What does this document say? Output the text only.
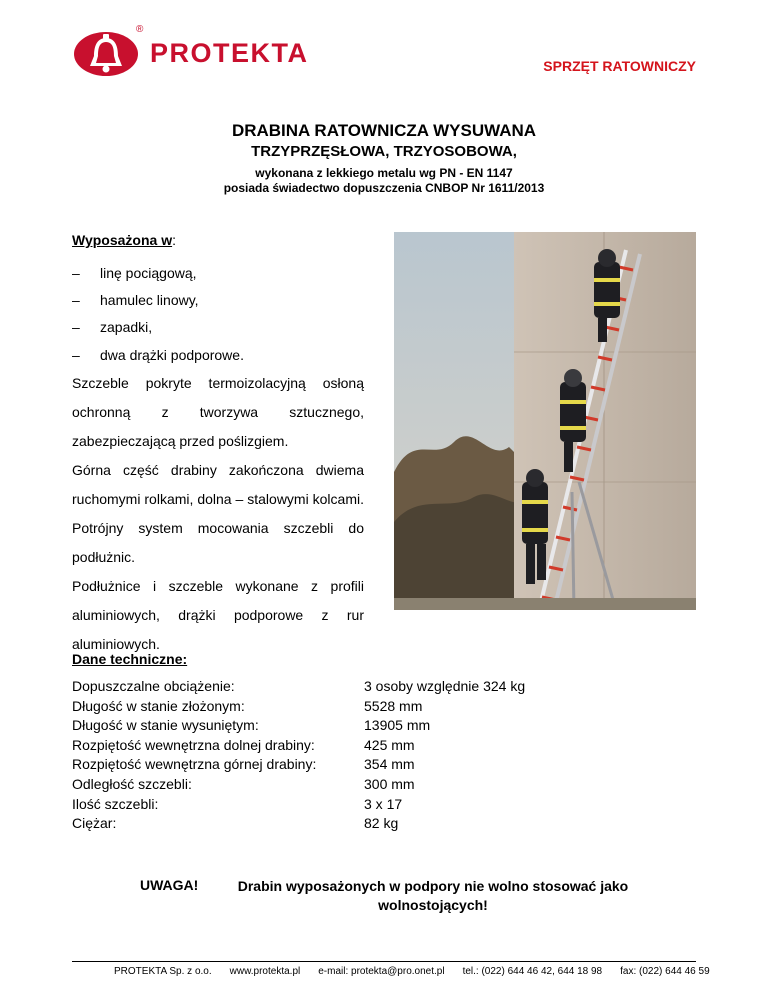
®
PROTEKTA	SPRZĘT RATOWNICZY
DRABINA RATOWNICZA WYSUWANA
TRZYPRZĘSŁOWA, TRZYOSOBOWA,
wykonana z lekkiego metalu wg PN - EN 1147
posiada świadectwo dopuszczenia CNBOP Nr 1611/2013
Wyposażona w:
–	linę pociągową,
–	hamulec linowy,
–	zapadki,
–	dwa drążki podporowe.

Szczeble pokryte termoizolacyjną osłoną ochronną z tworzywa sztucznego, zabezpieczającą przed poślizgiem.

Górna część drabiny zakończona dwiema ruchomymi rolkami, dolna – stalowymi kolcami. Potrójny system mocowania szczebli do podłużnic.

Podłużnice i szczeble wykonane z profili aluminiowych, drążki podporowe z rur aluminiowych.

Dane techniczne:
Dopuszczalne obciążenie:	3 osoby względnie 324 kg
Długość w stanie złożonym:	5528 mm
Długość w stanie wysuniętym:	13905 mm
Rozpiętość wewnętrzna dolnej drabiny:	425 mm
Rozpiętość wewnętrzna górnej drabiny:	354 mm
Odległość szczebli:	300 mm
Ilość szczebli:	3 x 17
Ciężar:	82 kg
UWAGA!	Drabin wyposażonych w podpory nie wolno stosować jako wolnostojących!
PROTEKTA Sp. z o.o. www.protekta.pl e-mail: protekta@pro.onet.pl tel.: (022) 644 46 42, 644 18 98 fax: (022) 644 46 59
